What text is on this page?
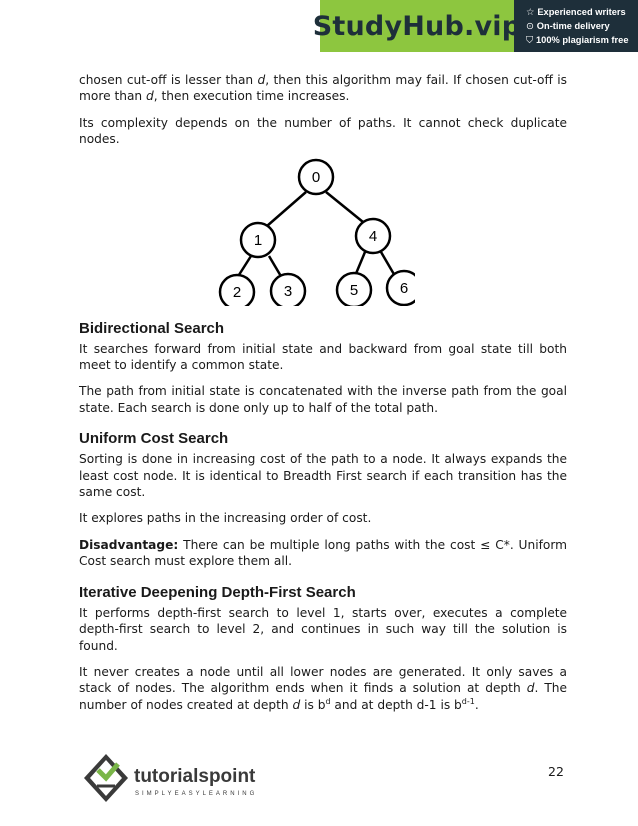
StudyHub.vip ☆ Experienced writers
⊙ On-time delivery
⛉ 100% plagiarism free

chosen cut-off is lesser than d, then this algorithm may fail. If chosen cut-off is more than d, then execution time increases.

Its complexity depends on the number of paths. It cannot check duplicate nodes.

0
1	4
2	3	5	6
Bidirectional Search

It searches forward from initial state and backward from goal state till both meet to identify a common state.

The path from initial state is concatenated with the inverse path from the goal state. Each search is done only up to half of the total path.

Uniform Cost Search

Sorting is done in increasing cost of the path to a node. It always expands the least cost node. It is identical to Breadth First search if each transition has the same cost.

It explores paths in the increasing order of cost.

Disadvantage: There can be multiple long paths with the cost ≤ C*. Uniform Cost search must explore them all.

Iterative Deepening Depth-First Search

It performs depth-first search to level 1, starts over, executes a complete depth-first search to level 2, and continues in such way till the solution is found.

It never creates a node until all lower nodes are generated. It only saves a stack of nodes. The algorithm ends when it finds a solution at depth d. The number of nodes created at depth d is $b^d$ and at depth d-1 is $b^{d-1}$.

tutorialspoint
SIMPLYEASYLEARNING
22
